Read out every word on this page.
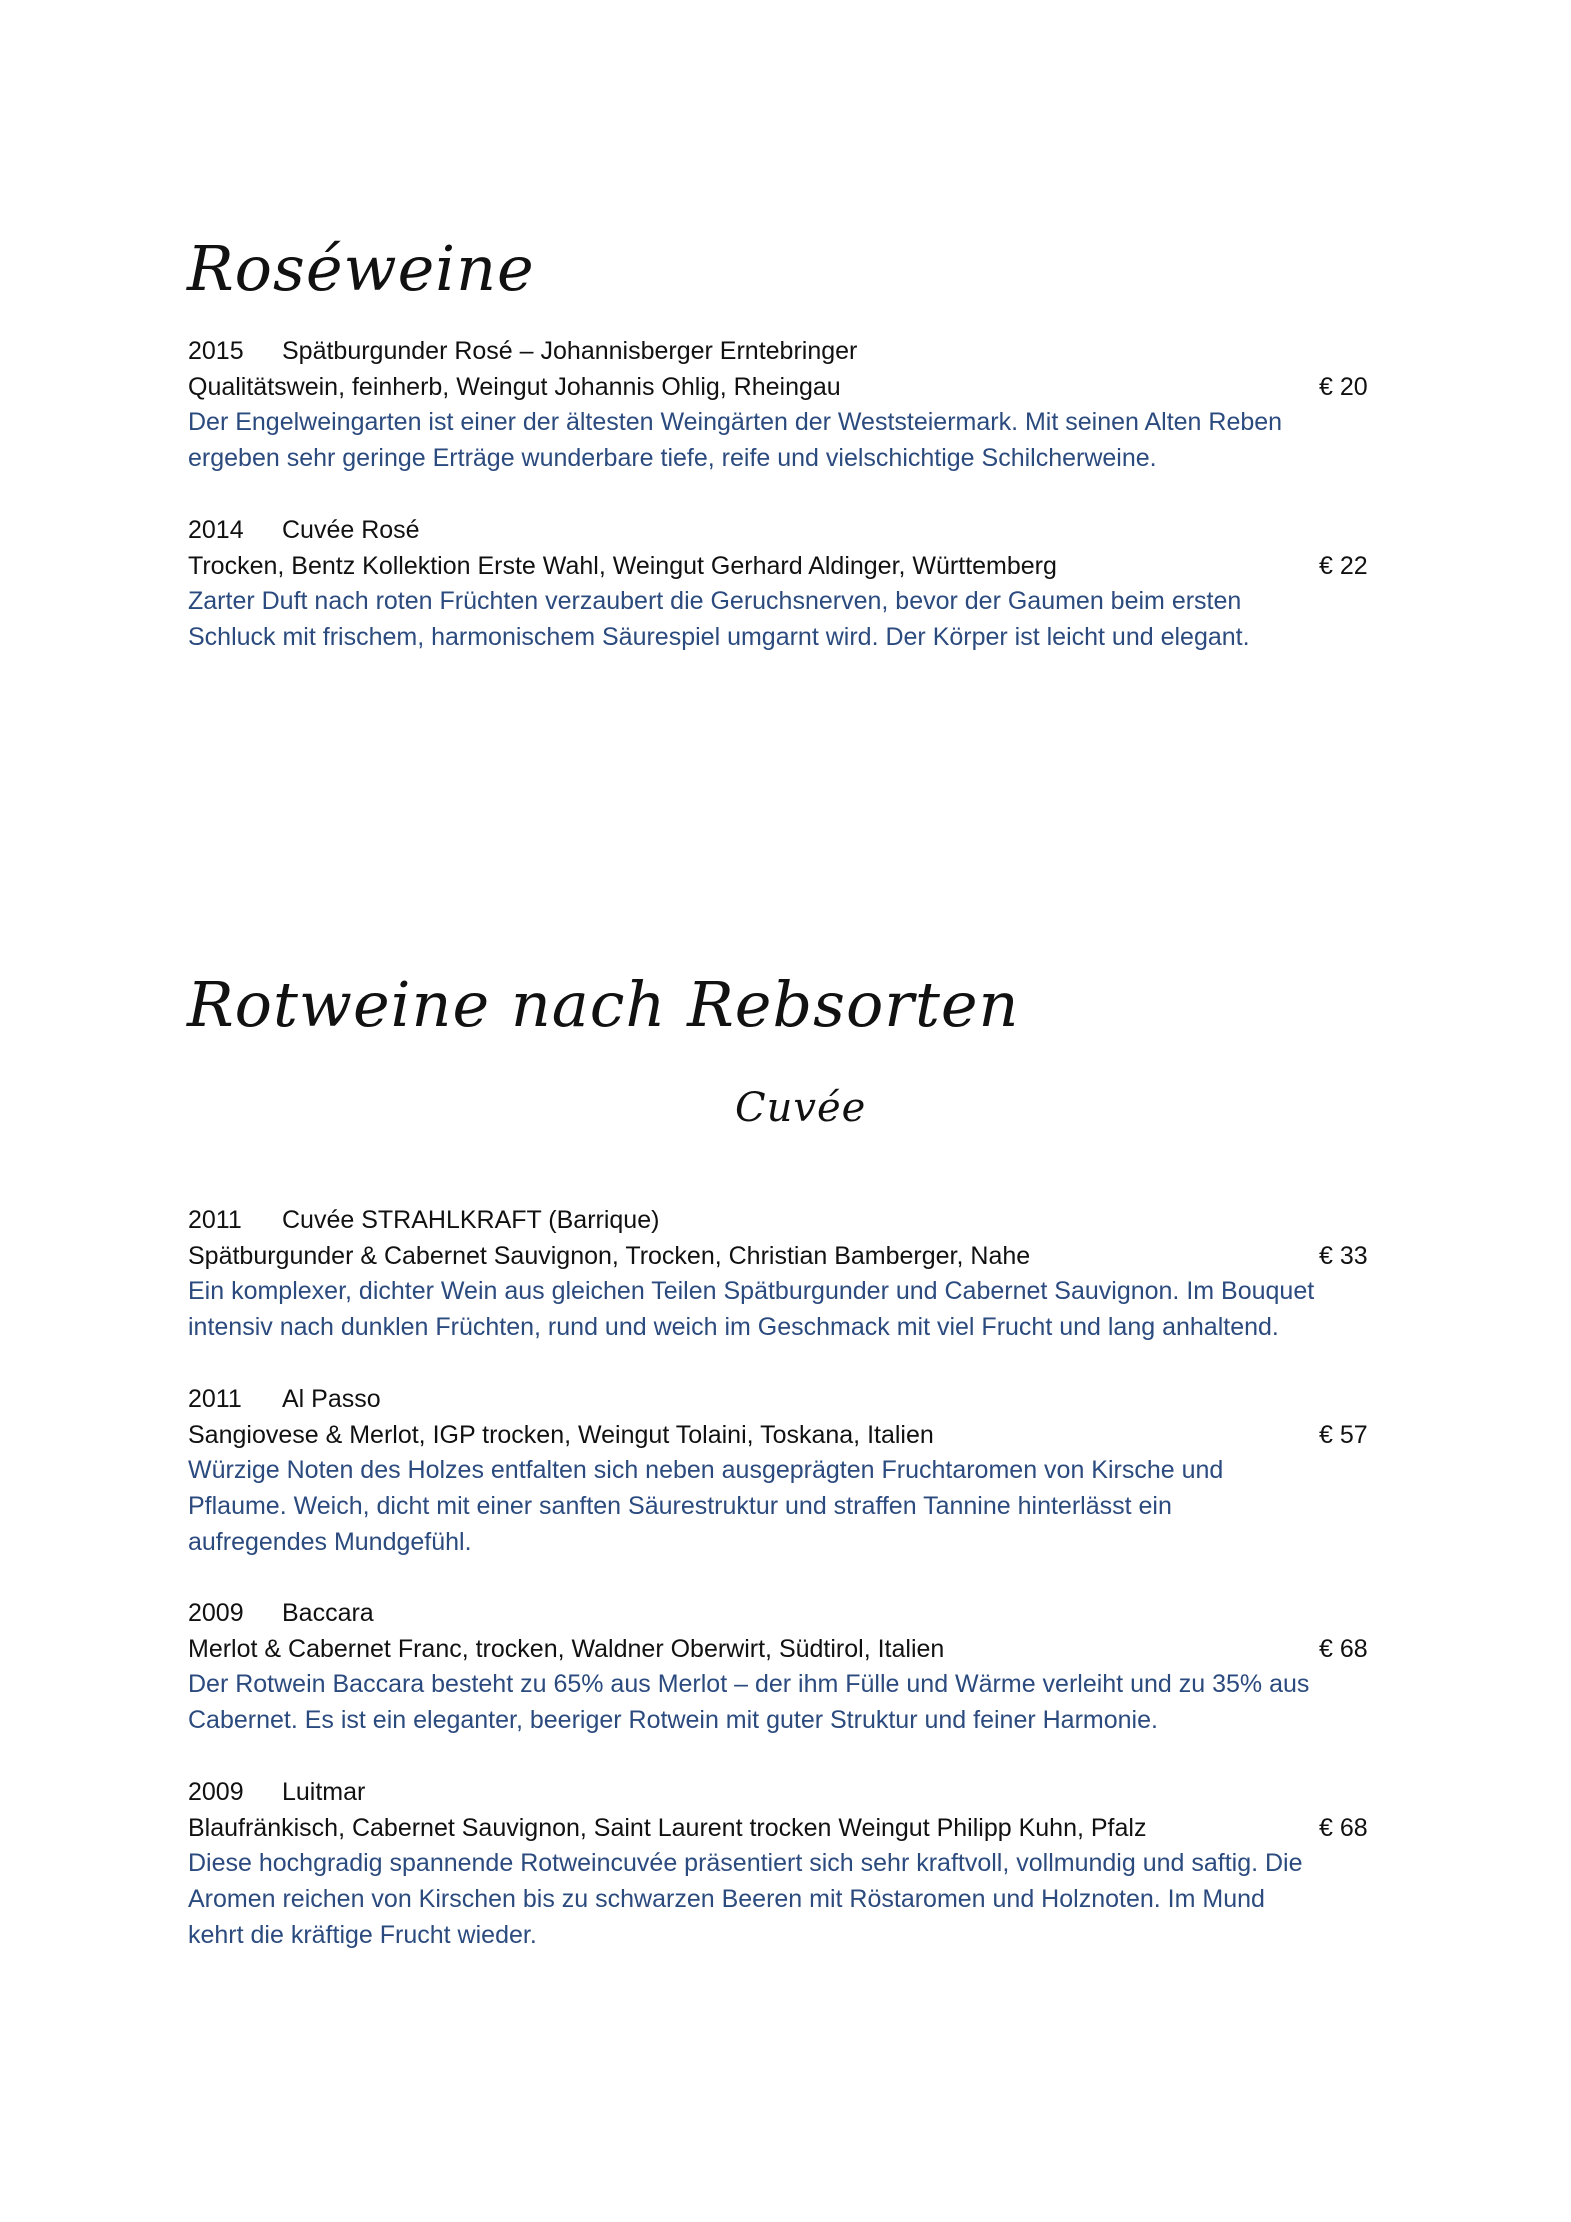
Roséweine
2015 Spätburgunder Rosé – Johannisberger Erntebringer
Qualitätswein, feinherb, Weingut Johannis Ohlig, Rheingau	€ 20
Der Engelweingarten ist einer der ältesten Weingärten der Weststeiermark. Mit seinen Alten Reben
ergeben sehr geringe Erträge wunderbare tiefe, reife und vielschichtige Schilcherweine.
2014 Cuvée Rosé
Trocken, Bentz Kollektion Erste Wahl, Weingut Gerhard Aldinger, Württemberg	€ 22
Zarter Duft nach roten Früchten verzaubert die Geruchsnerven, bevor der Gaumen beim ersten
Schluck mit frischem, harmonischem Säurespiel umgarnt wird. Der Körper ist leicht und elegant.
Rotweine nach Rebsorten
Cuvée
2011 Cuvée STRAHLKRAFT (Barrique)
Spätburgunder & Cabernet Sauvignon, Trocken, Christian Bamberger, Nahe	€ 33
Ein komplexer, dichter Wein aus gleichen Teilen Spätburgunder und Cabernet Sauvignon. Im Bouquet
intensiv nach dunklen Früchten, rund und weich im Geschmack mit viel Frucht und lang anhaltend.
2011 Al Passo
Sangiovese & Merlot, IGP trocken, Weingut Tolaini, Toskana, Italien	€ 57
Würzige Noten des Holzes entfalten sich neben ausgeprägten Fruchtaromen von Kirsche und
Pflaume. Weich, dicht mit einer sanften Säurestruktur und straffen Tannine hinterlässt ein
aufregendes Mundgefühl.
2009 Baccara
Merlot & Cabernet Franc, trocken, Waldner Oberwirt, Südtirol, Italien	€ 68
Der Rotwein Baccara besteht zu 65% aus Merlot – der ihm Fülle und Wärme verleiht und zu 35% aus
Cabernet. Es ist ein eleganter, beeriger Rotwein mit guter Struktur und feiner Harmonie.
2009 Luitmar
Blaufränkisch, Cabernet Sauvignon, Saint Laurent trocken Weingut Philipp Kuhn, Pfalz	€ 68
Diese hochgradig spannende Rotweincuvée präsentiert sich sehr kraftvoll, vollmundig und saftig. Die
Aromen reichen von Kirschen bis zu schwarzen Beeren mit Röstaromen und Holznoten. Im Mund
kehrt die kräftige Frucht wieder.
